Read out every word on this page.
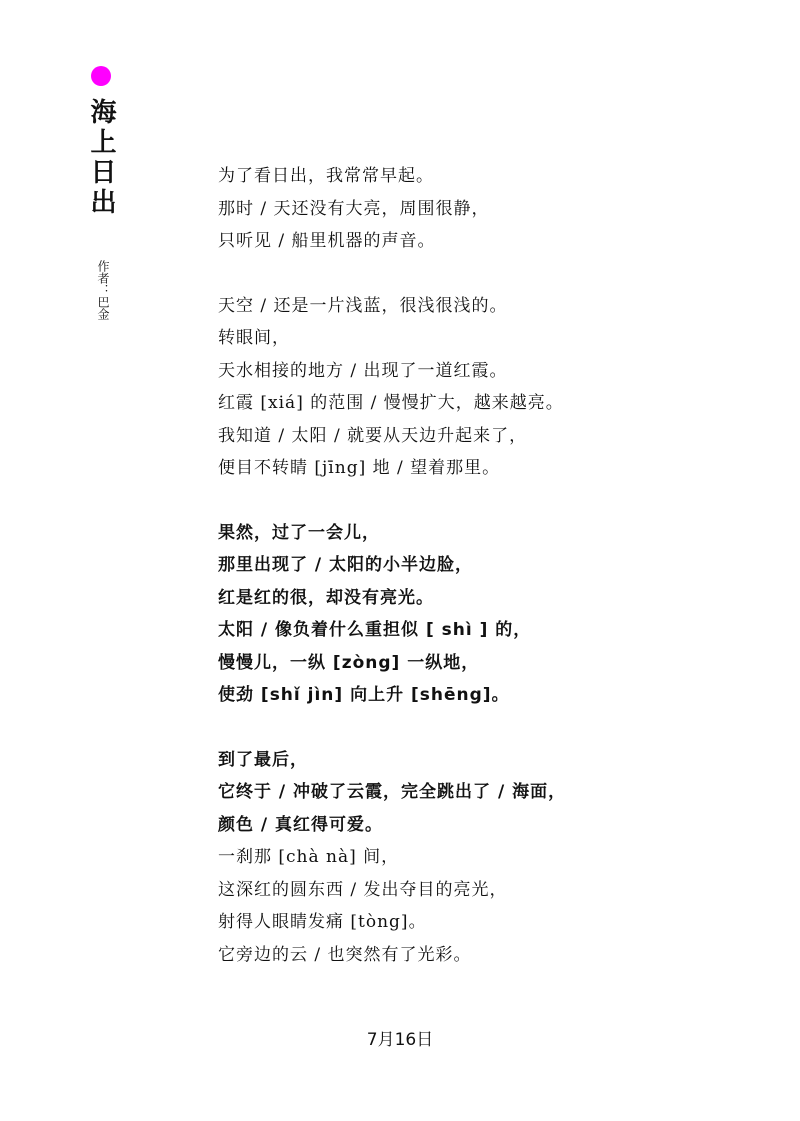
海上日出
作者：巴金
为了看日出，我常常早起。
那时 / 天还没有大亮，周围很静，
只听见 / 船里机器的声音。
天空 / 还是一片浅蓝，很浅很浅的。
转眼间，
天水相接的地方 / 出现了一道红霞。
红霞 [xiá] 的范围 / 慢慢扩大，越来越亮。
我知道 / 太阳 / 就要从天边升起来了，
便目不转睛 [jīng] 地 / 望着那里。
果然，过了一会儿，
那里出现了 / 太阳的小半边脸，
红是红的很，却没有亮光。
太阳 / 像负着什么重担似 [ shì ] 的，
慢慢儿，一纵 [zòng] 一纵地，
使劲 [shǐ jìn] 向上升 [shēng]。
到了最后，
它终于 / 冲破了云霞，完全跳出了 / 海面，
颜色 / 真红得可爱。
一刹那 [chà nà] 间，
这深红的圆东西 / 发出夺目的亮光，
射得人眼睛发痛 [tòng]。
它旁边的云 / 也突然有了光彩。
7月16日
